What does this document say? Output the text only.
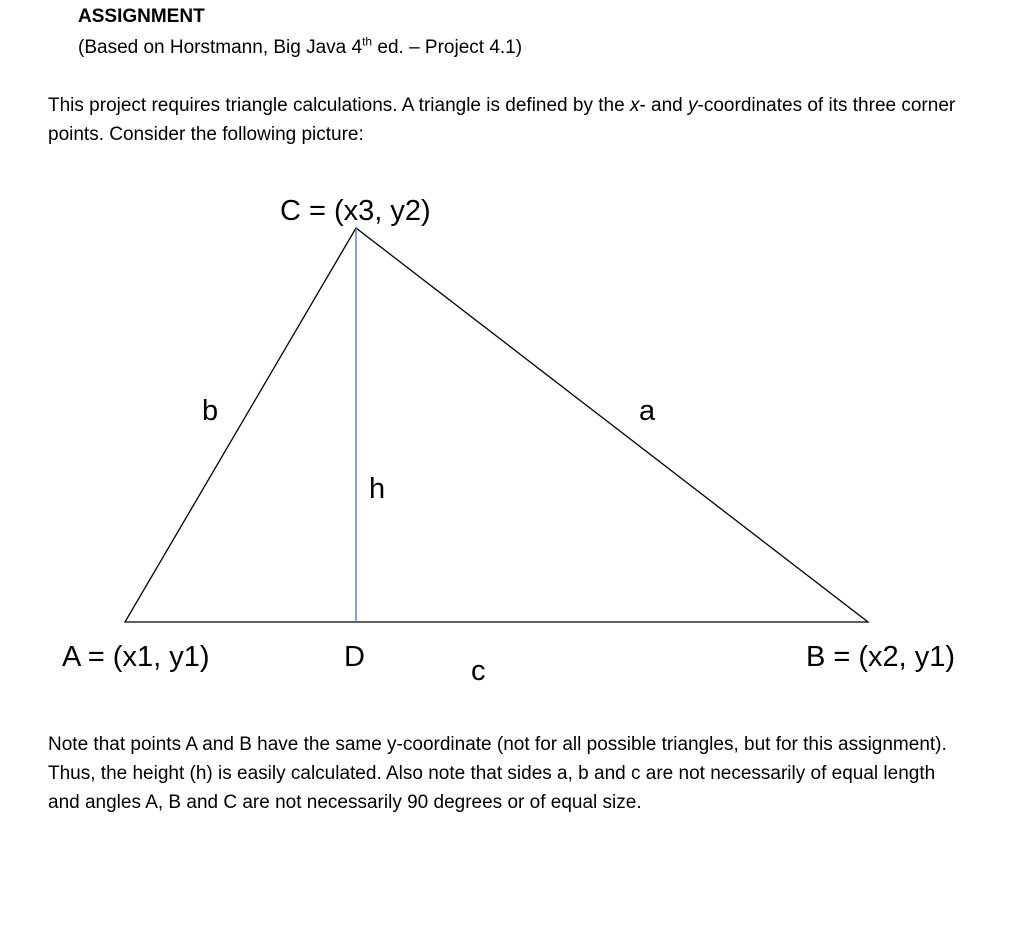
ASSIGNMENT
(Based on Horstmann, Big Java 4th ed. – Project 4.1)
This project requires triangle calculations. A triangle is defined by the x- and y-coordinates of its three corner points. Consider the following picture:
C = (x3, y2)
A = (x1, y1)	B = (x2, y1)
D
a
b
c
h
Note that points A and B have the same y-coordinate (not for all possible triangles, but for this assignment). Thus, the height (h) is easily calculated. Also note that sides a, b and c are not necessarily of equal length and angles A, B and C are not necessarily 90 degrees or of equal size.
